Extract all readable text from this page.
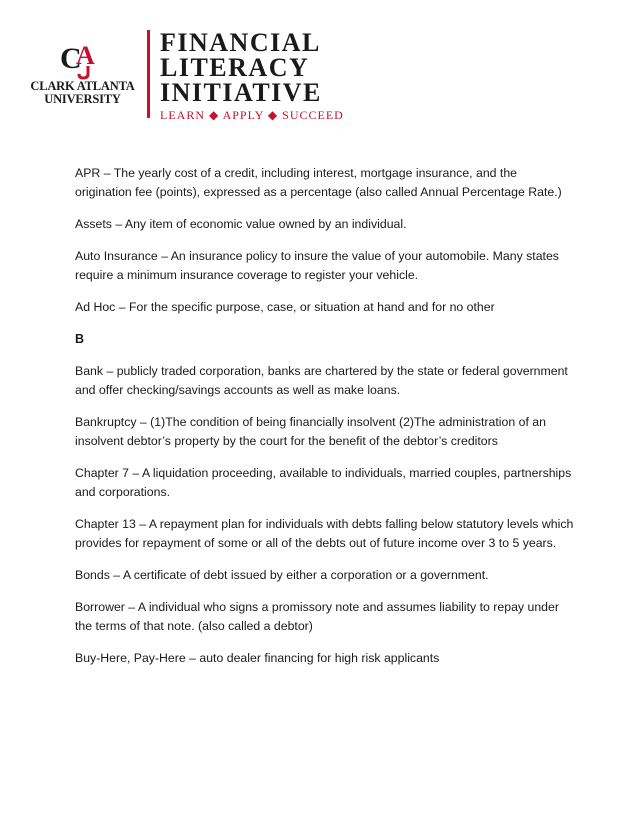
C
A
CLARK ATLANTA
UNIVERSITY
FINANCIAL
LITERACY
INITIATIVE
LEARN ◆ APPLY ◆ SUCCEED

APR – The yearly cost of a credit, including interest, mortgage insurance, and the origination fee (points), expressed as a percentage (also called Annual Percentage Rate.)

Assets – Any item of economic value owned by an individual.

Auto Insurance – An insurance policy to insure the value of your automobile. Many states require a minimum insurance coverage to register your vehicle.

Ad Hoc – For the specific purpose, case, or situation at hand and for no other

B

Bank – publicly traded corporation, banks are chartered by the state or federal government and offer checking/savings accounts as well as make loans.

Bankruptcy – (1)The condition of being financially insolvent (2)The administration of an insolvent debtor’s property by the court for the benefit of the debtor’s creditors

Chapter 7 – A liquidation proceeding, available to individuals, married couples, partnerships and corporations.

Chapter 13 – A repayment plan for individuals with debts falling below statutory levels which provides for repayment of some or all of the debts out of future income over 3 to 5 years.

Bonds – A certificate of debt issued by either a corporation or a government.

Borrower – A individual who signs a promissory note and assumes liability to repay under the terms of that note. (also called a debtor)

Buy-Here, Pay-Here – auto dealer financing for high risk applicants
